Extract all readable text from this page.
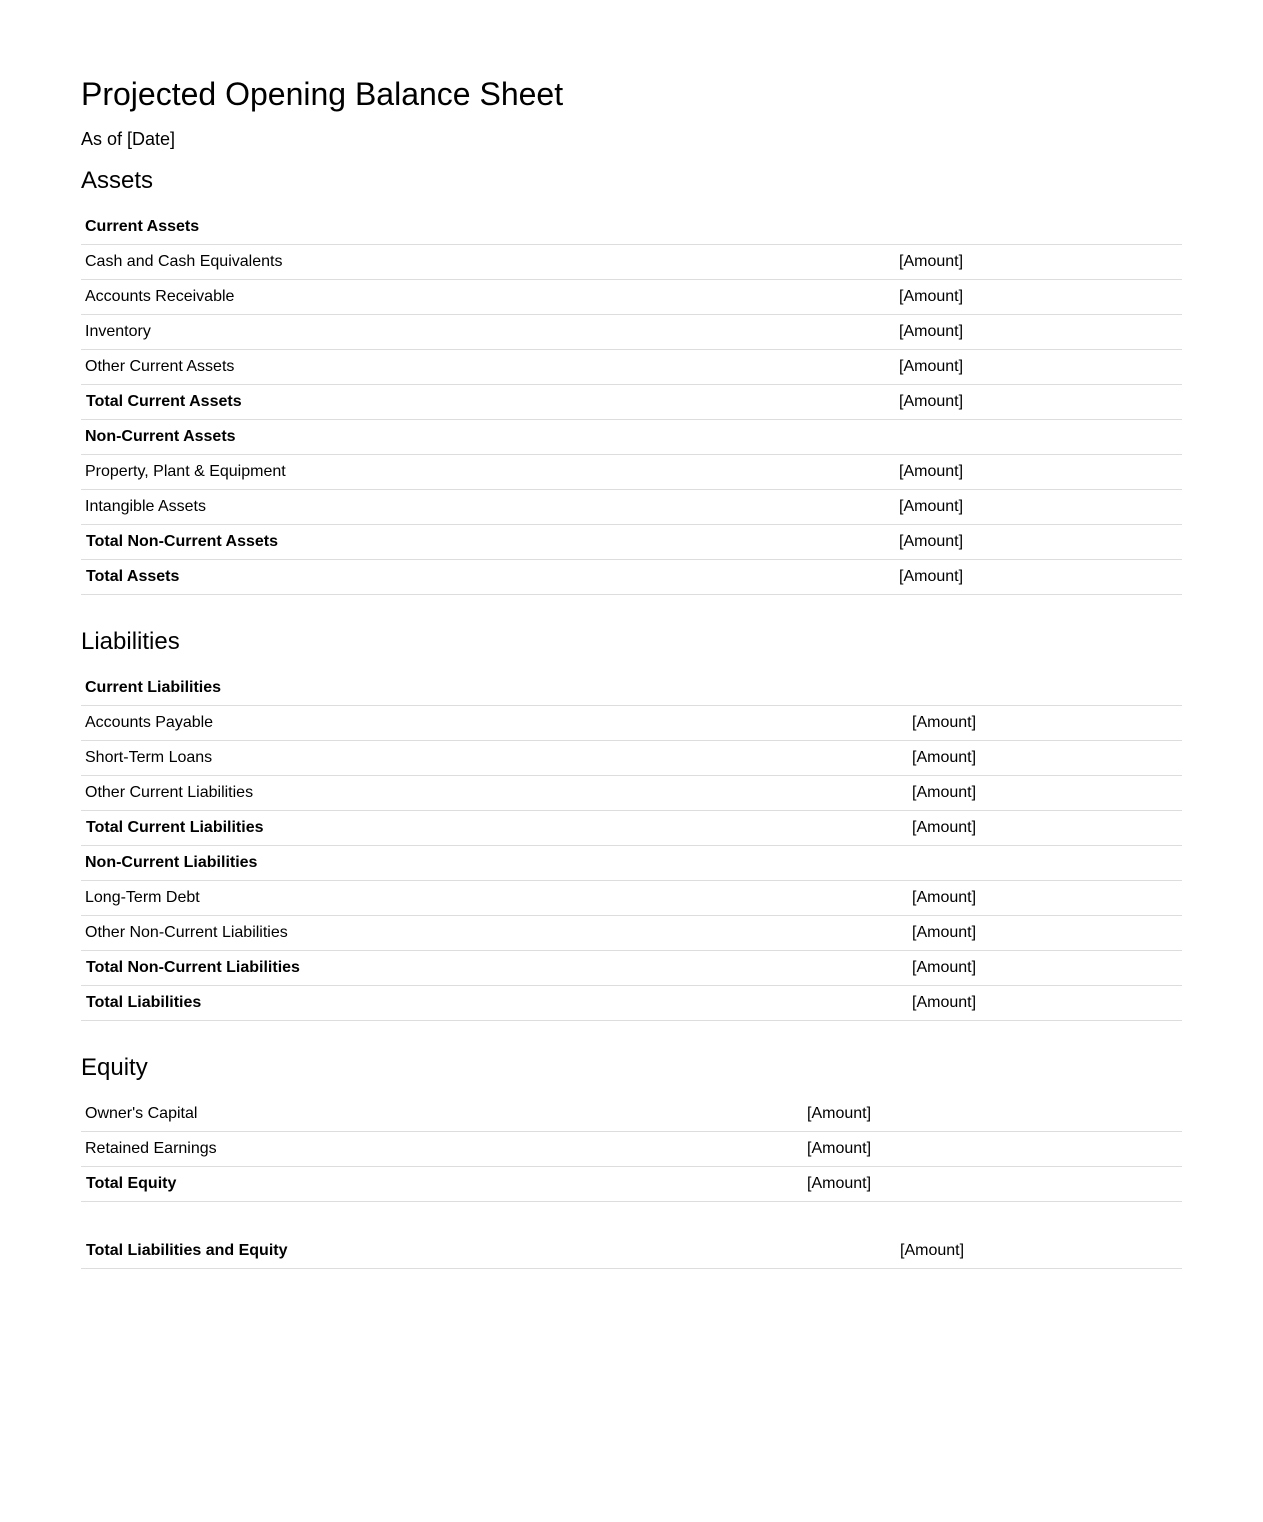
Projected Opening Balance Sheet

As of [Date]

Assets
Current Assets	
Cash and Cash Equivalents	[Amount]
Accounts Receivable	[Amount]
Inventory	[Amount]
Other Current Assets	[Amount]
Total Current Assets	[Amount]
Non-Current Assets	
Property, Plant & Equipment	[Amount]
Intangible Assets	[Amount]
Total Non-Current Assets	[Amount]
Total Assets	[Amount]
Liabilities
Current Liabilities	
Accounts Payable	[Amount]
Short-Term Loans	[Amount]
Other Current Liabilities	[Amount]
Total Current Liabilities	[Amount]
Non-Current Liabilities	
Long-Term Debt	[Amount]
Other Non-Current Liabilities	[Amount]
Total Non-Current Liabilities	[Amount]
Total Liabilities	[Amount]
Equity
Owner's Capital	[Amount]
Retained Earnings	[Amount]
Total Equity	[Amount]
Total Liabilities and Equity	[Amount]
